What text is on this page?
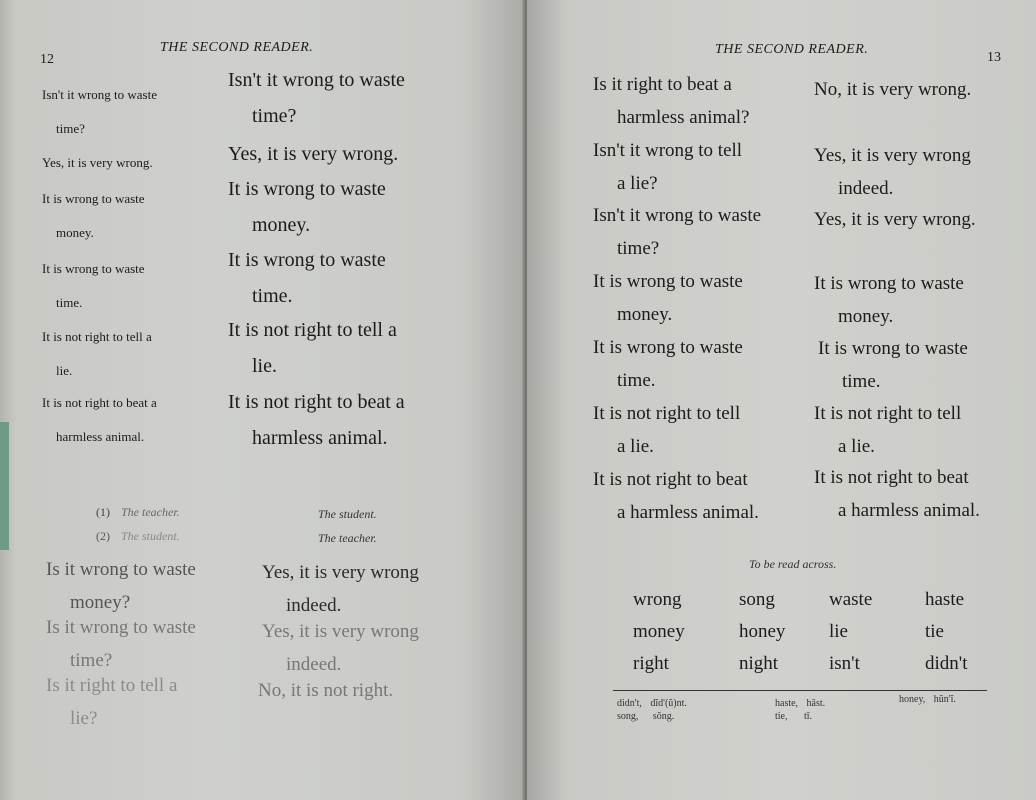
12
THE SECOND READER.
Isn't it wrong to waste
time?
Yes, it is very wrong.
It is wrong to waste
money.
It is wrong to waste
time.
It is not right to tell a
lie.
It is not right to beat a
harmless animal.
Isn't it wrong to waste
time?
Yes, it is very wrong.
It is wrong to waste
money.
It is wrong to waste
time.
It is not right to tell a
lie.
It is not right to beat a
harmless animal.
(1) The teacher.	The student.
(2) The student.	The teacher.
Is it wrong to waste
money?
Yes, it is very wrong
indeed.
Is it wrong to waste
time?
Yes, it is very wrong
indeed.
Is it right to tell a
lie?
No, it is not right.
THE SECOND READER.
13
Is it right to beat a
harmless animal?
Isn't it wrong to tell
a lie?
Isn't it wrong to waste
time?
It is wrong to waste
money.
It is wrong to waste
time.
It is not right to tell
a lie.
It is not right to beat
a harmless animal.
No, it is very wrong.
Yes, it is very wrong
indeed.
Yes, it is very wrong.
It is wrong to waste
money.
It is wrong to waste
time.
It is not right to tell
a lie.
It is not right to beat
a harmless animal.
To be read across.
wrong	song	waste	haste
money	honey	lie	tie
right	night	isn't	didn't
didn't, dĭd'(ŭ)nt.
song, sŏng.
haste, hāst.
tie, tī.
honey, hŭn'ĭ.
